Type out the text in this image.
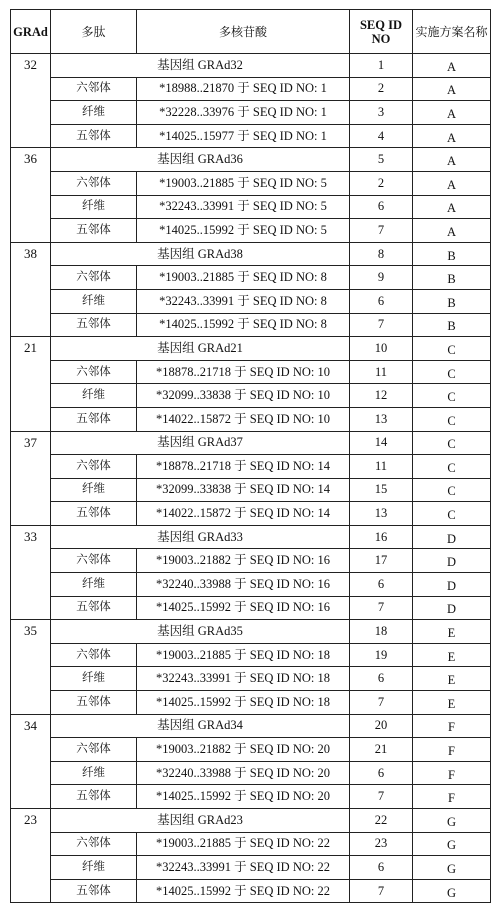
GRAd	多肽	多核苷酸	SEQ ID
NO	实施方案名称
32	基因组 GRAd32		1	A
	六邻体	*18988..21870 于 SEQ ID NO: 1	2	A
	纤维	*32228..33976 于 SEQ ID NO: 1	3	A
	五邻体	*14025..15977 于 SEQ ID NO: 1	4	A
36	基因组 GRAd36		5	A
	六邻体	*19003..21885 于 SEQ ID NO: 5	2	A
	纤维	*32243..33991 于 SEQ ID NO: 5	6	A
	五邻体	*14025..15992 于 SEQ ID NO: 5	7	A
38	基因组 GRAd38		8	B
	六邻体	*19003..21885 于 SEQ ID NO: 8	9	B
	纤维	*32243..33991 于 SEQ ID NO: 8	6	B
	五邻体	*14025..15992 于 SEQ ID NO: 8	7	B
21	基因组 GRAd21		10	C
	六邻体	*18878..21718 于 SEQ ID NO: 10	11	C
	纤维	*32099..33838 于 SEQ ID NO: 10	12	C
	五邻体	*14022..15872 于 SEQ ID NO: 10	13	C
37	基因组 GRAd37		14	C
	六邻体	*18878..21718 于 SEQ ID NO: 14	11	C
	纤维	*32099..33838 于 SEQ ID NO: 14	15	C
	五邻体	*14022..15872 于 SEQ ID NO: 14	13	C
33	基因组 GRAd33		16	D
	六邻体	*19003..21882 于 SEQ ID NO: 16	17	D
	纤维	*32240..33988 于 SEQ ID NO: 16	6	D
	五邻体	*14025..15992 于 SEQ ID NO: 16	7	D
35	基因组 GRAd35		18	E
	六邻体	*19003..21885 于 SEQ ID NO: 18	19	E
	纤维	*32243..33991 于 SEQ ID NO: 18	6	E
	五邻体	*14025..15992 于 SEQ ID NO: 18	7	E
34	基因组 GRAd34		20	F
	六邻体	*19003..21882 于 SEQ ID NO: 20	21	F
	纤维	*32240..33988 于 SEQ ID NO: 20	6	F
	五邻体	*14025..15992 于 SEQ ID NO: 20	7	F
23	基因组 GRAd23		22	G
	六邻体	*19003..21885 于 SEQ ID NO: 22	23	G
	纤维	*32243..33991 于 SEQ ID NO: 22	6	G
	五邻体	*14025..15992 于 SEQ ID NO: 22	7	G
